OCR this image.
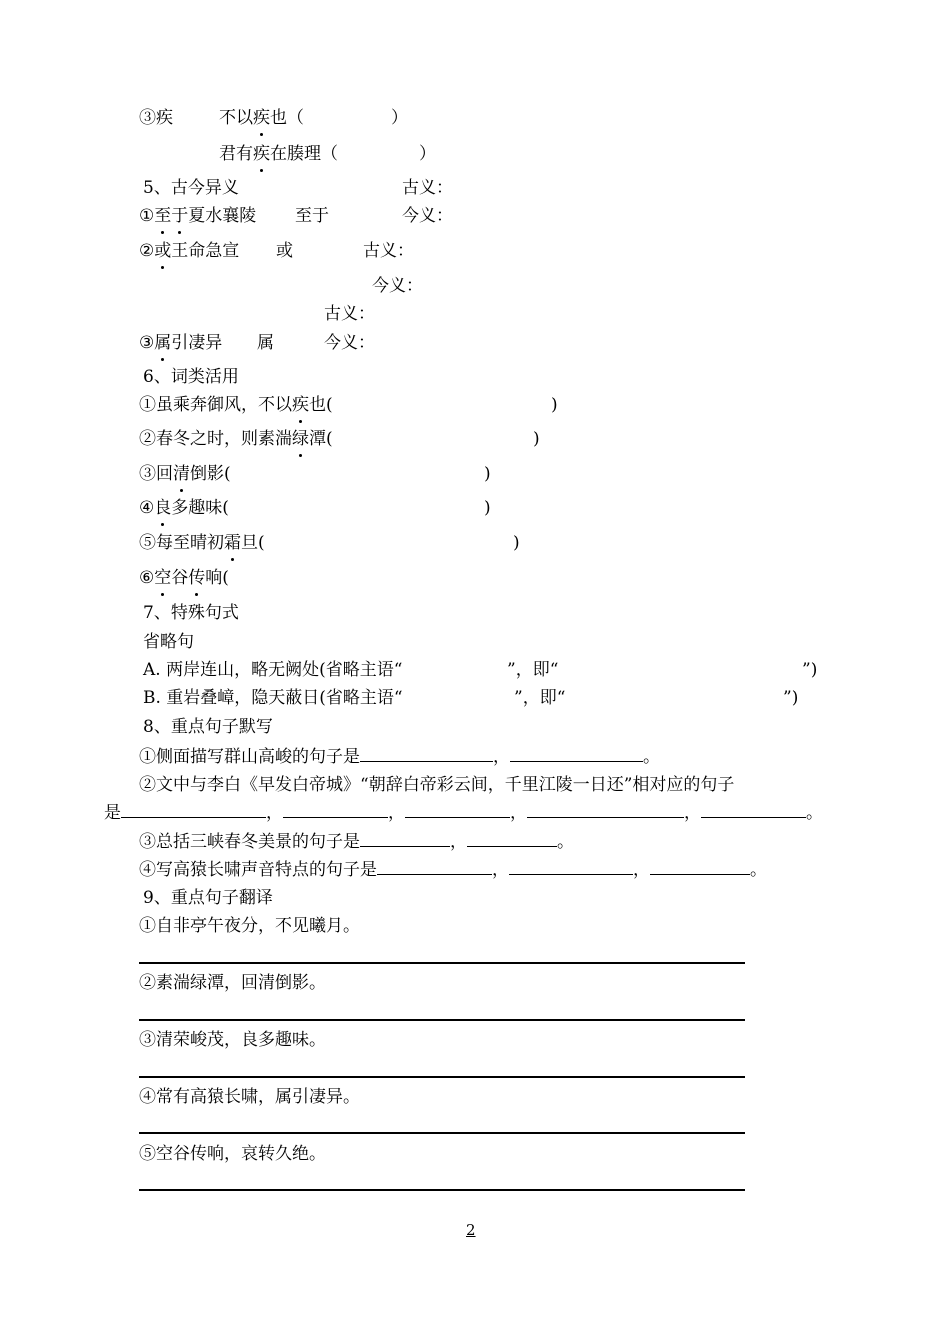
③疾	不以疾也（	）
君有疾在腠理（	）
5、古今异义	古义：
①至于夏水襄陵 至于	今义：
②或王命急宣 或	古义：
今义：
古义：
③属引凄异 属	今义：
6、词类活用
①虽乘奔御风，不以疾也(	)
②春冬之时，则素湍绿潭(	)
③回清倒影(	)
④良多趣味(	)
⑤每至晴初霜旦(	)
⑥空谷传响(
7、特殊句式
省略句
A. 两岸连山，略无阙处(省略主语“	”，即“	”)
B. 重岩叠嶂，隐天蔽日(省略主语“	”，即“	”)
8、重点句子默写
①侧面描写群山高峻的句子是	，	。
②文中与李白《早发白帝城》“朝辞白帝彩云间，千里江陵一日还”相对应的句子
是	，	，	，	，	。
③总括三峡春冬美景的句子是	，	。
④写高猿长啸声音特点的句子是	，	，	。
9、重点句子翻译
①自非亭午夜分，不见曦月。
②素湍绿潭，回清倒影。
③清荣峻茂，良多趣味。
④常有高猿长啸，属引凄异。
⑤空谷传响，哀转久绝。
2
